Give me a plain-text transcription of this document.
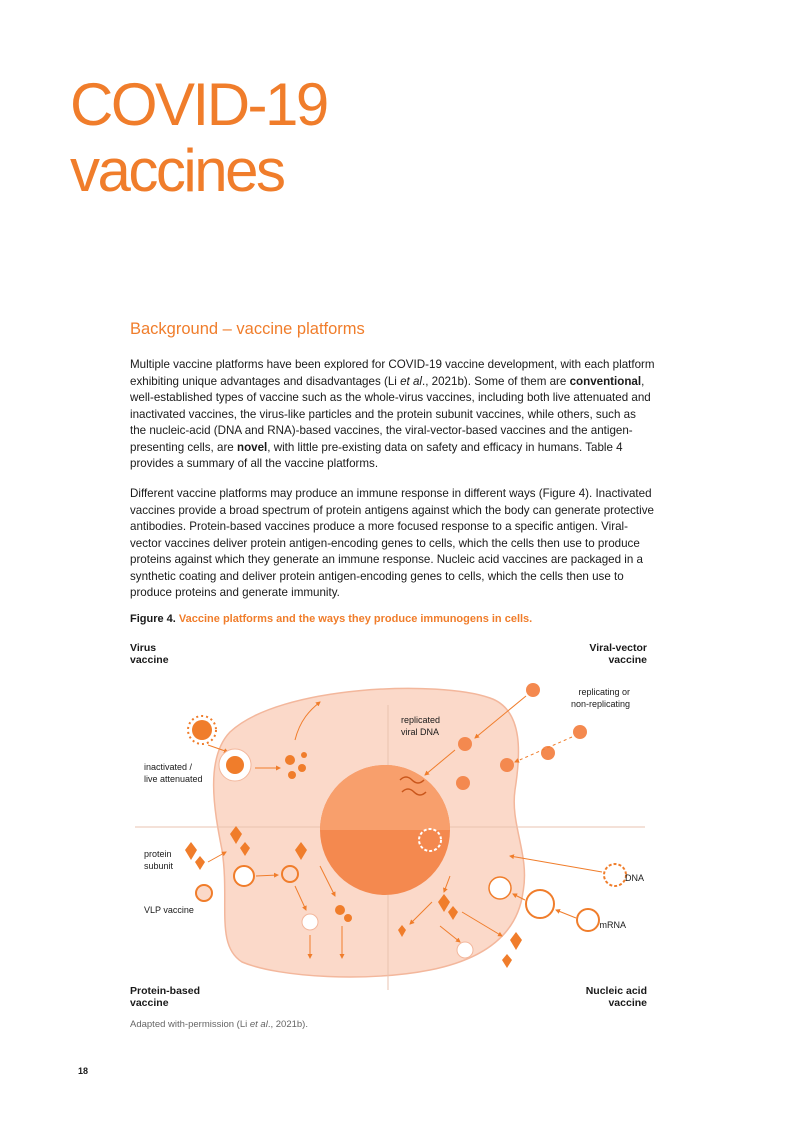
COVID-19
vaccines
Background – vaccine platforms

Multiple vaccine platforms have been explored for COVID-19 vaccine development, with each platform exhibiting unique advantages and disadvantages (Li et al., 2021b). Some of them are conventional, well-established types of vaccine such as the whole-virus vaccines, including both live attenuated and inactivated vaccines, the virus-like particles and the protein subunit vaccines, while others, such as the nucleic-acid (DNA and RNA)-based vaccines, the viral-vector-based vaccines and the antigen-presenting cells, are novel, with little pre-existing data on safety and efficacy in humans. Table 4 provides a summary of all the vaccine platforms.

Different vaccine platforms may produce an immune response in different ways (Figure 4). Inactivated vaccines provide a broad spectrum of protein antigens against which the body can generate protective antibodies. Protein-based vaccines produce a more focused response to a specific antigen. Viral-vector vaccines deliver protein antigen-encoding genes to cells, which the cells then use to produce proteins against which they generate an immune response. Nucleic acid vaccines are packaged in a synthetic coating and deliver protein antigen-encoding genes to cells, which the cells then use to produce proteins and generate immunity.

Figure 4. Vaccine platforms and the ways they produce immunogens in cells.

Virus
vaccine

Viral-vector
vaccine

Protein-based
vaccine

Nucleic acid
vaccine

inactivated /
live attenuated

replicated
viral DNA

replicating or
non-replicating

protein
subunit

VLP vaccine

DNA

mRNA

Adapted with-permission (Li et al., 2021b).

18
